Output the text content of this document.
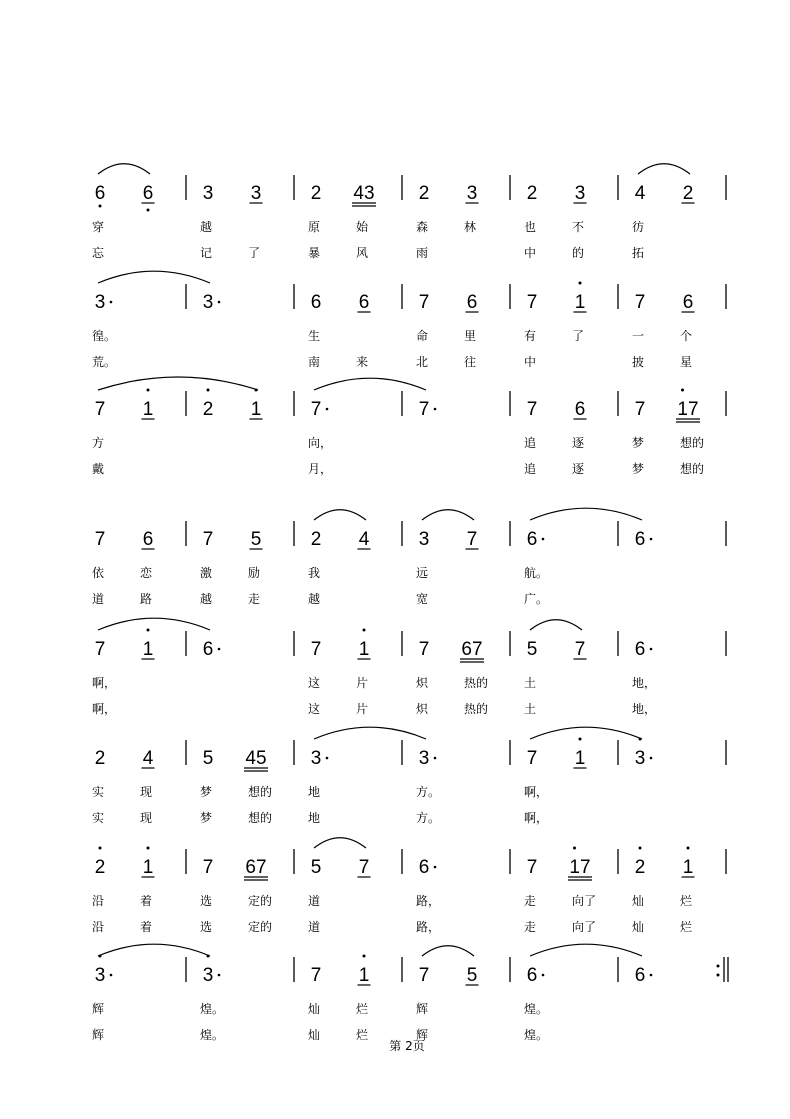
6 6	3 3	2 43 2 3	2 3	4 2
穿	越	原	始	森	林	也	不	彷
忘	记	了	暴	风	雨	中	的	拓
3	3	6 6	7 6	7 1	7 6
徨。	生	命	里	有	了	一	个
荒。	南	来	北	往	中	披	星
7 1	2 1	7	7	7 6	7 17
方	向，	追	逐	梦	想的
戴	月，	追	逐	梦	想的
7 6	7 5	2 4	3 7	6	6
依	恋	激	励	我	远	航。
道	路	越	走	越	宽	广。
7 1	6	7 1	7 67 5 7	6
啊，	这	片	炽	热的	土	地，
啊，	这	片	炽	热的	土	地，
2 4	5 45 3	3	7 1	3
实	现	梦	想的	地	方。	啊，
实	现	梦	想的	地	方。	啊，
2 1	7 67 5 7	6	7 17 2 1
沿	着	选	定的	道	路，	走	向了	灿	烂
沿	着	选	定的	道	路，	走	向了	灿	烂
3	3	7 1	7 5	6	6
辉	煌。	灿	烂	辉	煌。
辉	煌。	灿	烂	辉	煌。
第 2页
